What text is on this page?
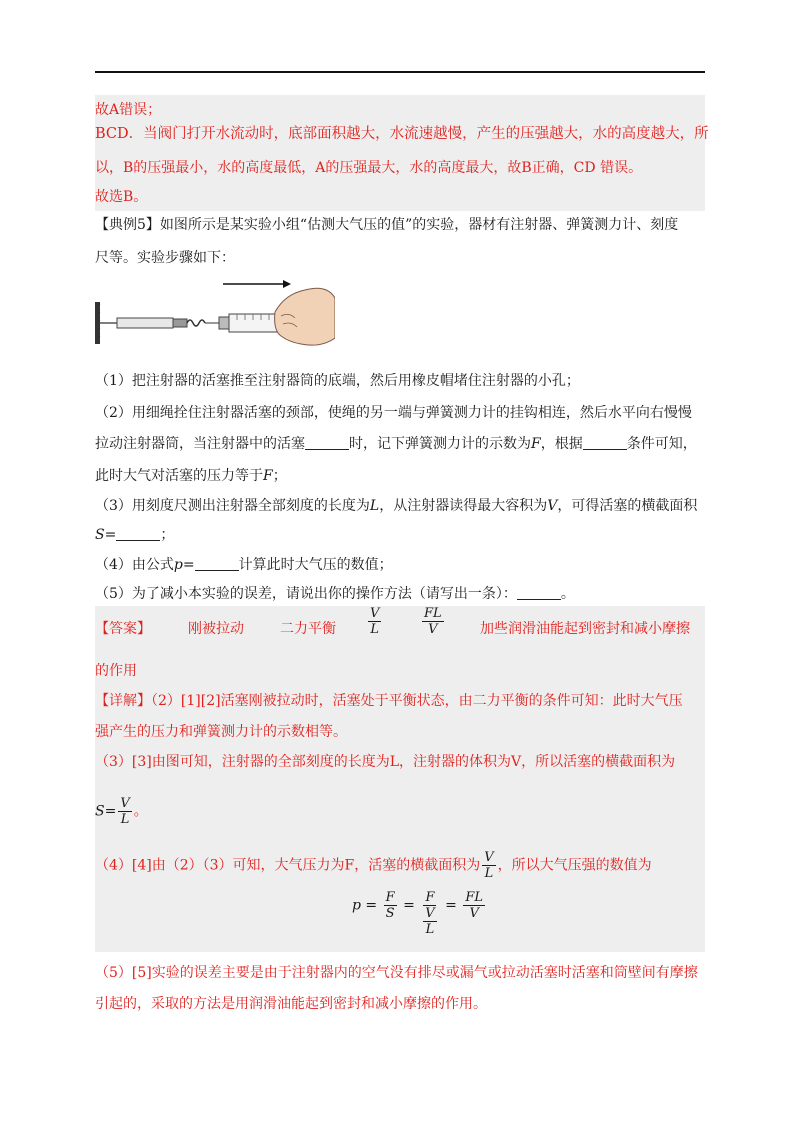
故A错误；
BCD．当阀门打开水流动时，底部面积越大，水流速越慢，产生的压强越大，水的高度越大，所
以，B的压强最小，水的高度最低，A的压强最大，水的高度最大，故B正确，CD 错误。
故选B。
【典例5】如图所示是某实验小组“估测大气压的值”的实验，器材有注射器、弹簧测力计、刻度
尺等。实验步骤如下：
（1）把注射器的活塞推至注射器筒的底端，然后用橡皮帽堵住注射器的小孔；
（2）用细绳拴住注射器活塞的颈部，使绳的另一端与弹簧测力计的挂钩相连，然后水平向右慢慢
拉动注射器筒，当注射器中的活塞	时，记下弹簧测力计的示数为F，根据	条件可知，
此时大气对活塞的压力等于F；
（3）用刻度尺测出注射器全部刻度的长度为L，从注射器读得最大容积为V，可得活塞的横截面积
S=	；
（4）由公式p=	计算此时大气压的数值；
（5）为了减小本实验的误差，请说出你的操作方法（请写出一条）：	。
【答案】	刚被拉动	二力平衡 $\frac{V}{L}$	$\frac{FL}{V}$	加些润滑油能起到密封和减小摩擦
的作用
【详解】（2）[1][2]活塞刚被拉动时，活塞处于平衡状态，由二力平衡的条件可知：此时大气压
强产生的压力和弹簧测力计的示数相等。
（3）[3]由图可知，注射器的全部刻度的长度为L，注射器的体积为V，所以活塞的横截面积为
$S= \frac{V}{L}$ 。
（4）[4]由（2）（3）可知，大气压力为F，活塞的横截面积为 $\frac{V}{L}$ ，所以大气压强的数值为
$p = \frac{F}{S} = \frac{F}{\frac{V}{L}} = \frac{FL}{V}$
（5）[5]实验的误差主要是由于注射器内的空气没有排尽或漏气或拉动活塞时活塞和筒壁间有摩擦
引起的，采取的方法是用润滑油能起到密封和减小摩擦的作用。
